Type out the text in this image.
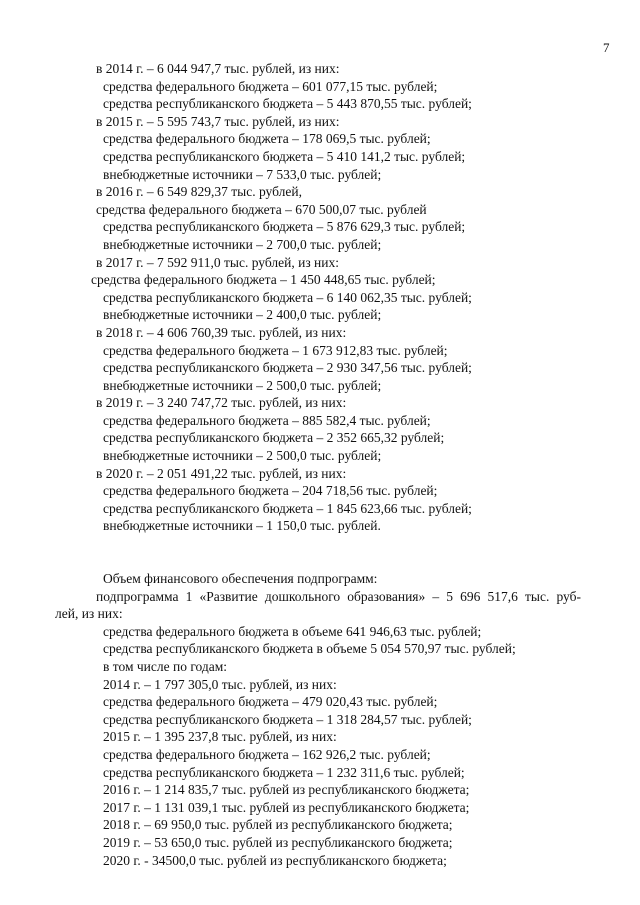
7
в 2014 г. – 6 044 947,7 тыс. рублей, из них:
средства федерального бюджета – 601 077,15 тыс. рублей;
средства республиканского бюджета – 5 443 870,55 тыс. рублей;
в 2015 г. – 5 595 743,7 тыс. рублей, из них:
средства федерального бюджета – 178 069,5 тыс. рублей;
средства республиканского бюджета – 5 410 141,2 тыс. рублей;
внебюджетные источники – 7 533,0 тыс. рублей;
в 2016 г. – 6 549 829,37 тыс. рублей,
средства федерального бюджета – 670 500,07 тыс. рублей
средства республиканского бюджета – 5 876 629,3 тыс. рублей;
внебюджетные источники – 2 700,0 тыс. рублей;
в 2017 г. – 7 592 911,0 тыс. рублей, из них:
средства федерального бюджета – 1 450 448,65 тыс. рублей;
средства республиканского бюджета – 6 140 062,35 тыс. рублей;
внебюджетные источники – 2 400,0 тыс. рублей;
в 2018 г. – 4 606 760,39 тыс. рублей, из них:
средства федерального бюджета – 1 673 912,83 тыс. рублей;
средства республиканского бюджета – 2 930 347,56 тыс. рублей;
внебюджетные источники – 2 500,0 тыс. рублей;
в 2019 г. – 3 240 747,72 тыс. рублей, из них:
средства федерального бюджета – 885 582,4 тыс. рублей;
средства республиканского бюджета – 2 352 665,32 рублей;
внебюджетные источники – 2 500,0 тыс. рублей;
в 2020 г. – 2 051 491,22 тыс. рублей, из них:
средства федерального бюджета – 204 718,56 тыс. рублей;
средства республиканского бюджета – 1 845 623,66 тыс. рублей;
внебюджетные источники – 1 150,0 тыс. рублей.
Объем финансового обеспечения подпрограмм:
подпрограмма 1 «Развитие дошкольного образования» – 5 696 517,6 тыс. руб-
лей, из них:
средства федерального бюджета в объеме 641 946,63 тыс. рублей;
средства республиканского бюджета в объеме 5 054 570,97 тыс. рублей;
в том числе по годам:
2014 г. – 1 797 305,0 тыс. рублей, из них:
средства федерального бюджета – 479 020,43 тыс. рублей;
средства республиканского бюджета – 1 318 284,57 тыс. рублей;
2015 г. – 1 395 237,8 тыс. рублей, из них:
средства федерального бюджета – 162 926,2 тыс. рублей;
средства республиканского бюджета – 1 232 311,6 тыс. рублей;
2016 г. – 1 214 835,7 тыс. рублей из республиканского бюджета;
2017 г. – 1 131 039,1 тыс. рублей из республиканского бюджета;
2018 г. – 69 950,0 тыс. рублей из республиканского бюджета;
2019 г. – 53 650,0 тыс. рублей из республиканского бюджета;
2020 г. - 34500,0 тыс. рублей из республиканского бюджета;
